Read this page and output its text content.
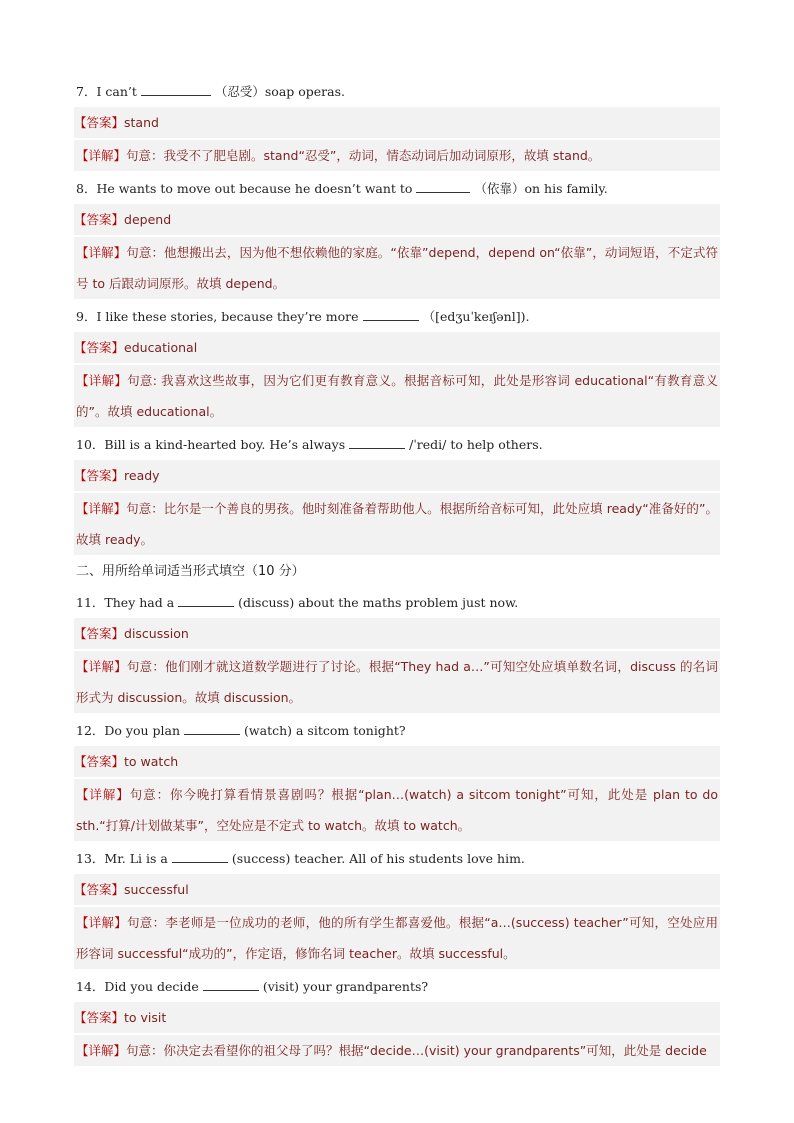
7．I can’t	（忍受）soap operas.
【答案】stand
【详解】句意：我受不了肥皂剧。stand“忍受”，动词，情态动词后加动词原形，故填 stand。
8．He wants to move out because he doesn’t want to	（依靠）on his family.
【答案】depend
【详解】句意：他想搬出去，因为他不想依赖他的家庭。“依靠”depend，depend on“依靠”，动词短语，不定式符号 to 后跟动词原形。故填 depend。
9．I like these stories, because they’re more	（[edʒuˈkeɪʃənl]).
【答案】educational
【详解】句意: 我喜欢这些故事，因为它们更有教育意义。根据音标可知，此处是形容词 educational“有教育意义的”。故填 educational。
10．Bill is a kind-hearted boy. He’s always	/ˈredi/ to help others.
【答案】ready
【详解】句意：比尔是一个善良的男孩。他时刻准备着帮助他人。根据所给音标可知，此处应填 ready“准备好的”。故填 ready。
二、用所给单词适当形式填空（10 分）
11．They had a	(discuss) about the maths problem just now.
【答案】discussion
【详解】句意：他们刚才就这道数学题进行了讨论。根据“They had a…”可知空处应填单数名词，discuss 的名词形式为 discussion。故填 discussion。
12．Do you plan	(watch) a sitcom tonight?
【答案】to watch
【详解】句意：你今晚打算看情景喜剧吗？根据“plan…(watch) a sitcom tonight”可知，此处是 plan to do sth.“打算/计划做某事”，空处应是不定式 to watch。故填 to watch。
13．Mr. Li is a	(success) teacher. All of his students love him.
【答案】successful
【详解】句意：李老师是一位成功的老师，他的所有学生都喜爱他。根据“a…(success) teacher”可知，空处应用形容词 successful“成功的”，作定语，修饰名词 teacher。故填 successful。
14．Did you decide	(visit) your grandparents?
【答案】to visit
【详解】句意：你决定去看望你的祖父母了吗？根据“decide…(visit) your grandparents”可知，此处是 decide
